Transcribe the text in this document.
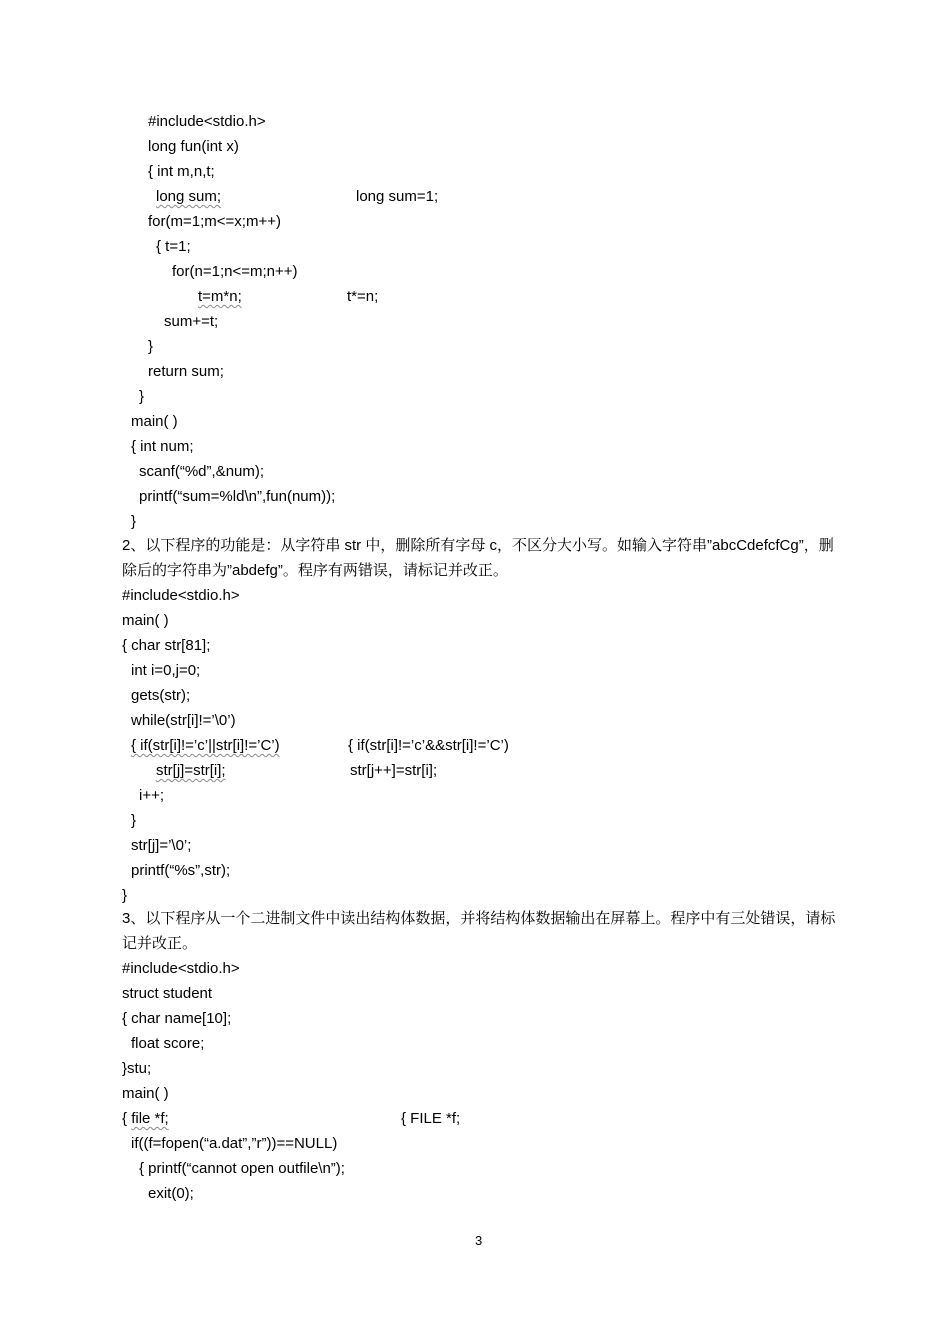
#include<stdio.h>
long fun(int x)
{ int m,n,t;
long sum;	long sum=1;
for(m=1;m<=x;m++)
{ t=1;
for(n=1;n<=m;n++)
t=m*n;	t*=n;
sum+=t;
}
return sum;
}
main( )
{ int num;
scanf(“%d”,&num);
printf(“sum=%ld\n”,fun(num));
}
2、以下程序的功能是：从字符串 str 中，删除所有字母 c，不区分大小写。如输入字符串”abcCdefcfCg”，删除后的字符串为”abdefg”。程序有两错误，请标记并改正。
#include<stdio.h>
main( )
{ char str[81];
int i=0,j=0;
gets(str);
while(str[i]!=’\0’)
{ if(str[i]!=’c’||str[i]!=’C’)	{ if(str[i]!=’c’&&str[i]!=’C’)
str[j]=str[i];	str[j++]=str[i];
i++;
}
str[j]=’\0’;
printf(“%s”,str);
}
3、以下程序从一个二进制文件中读出结构体数据，并将结构体数据输出在屏幕上。程序中有三处错误，请标记并改正。
#include<stdio.h>
struct student
{ char name[10];
float score;
}stu;
main( )
{ file *f;	{ FILE *f;
if((f=fopen(“a.dat”,”r”))==NULL)
{ printf(“cannot open outfile\n”);
exit(0);
3
